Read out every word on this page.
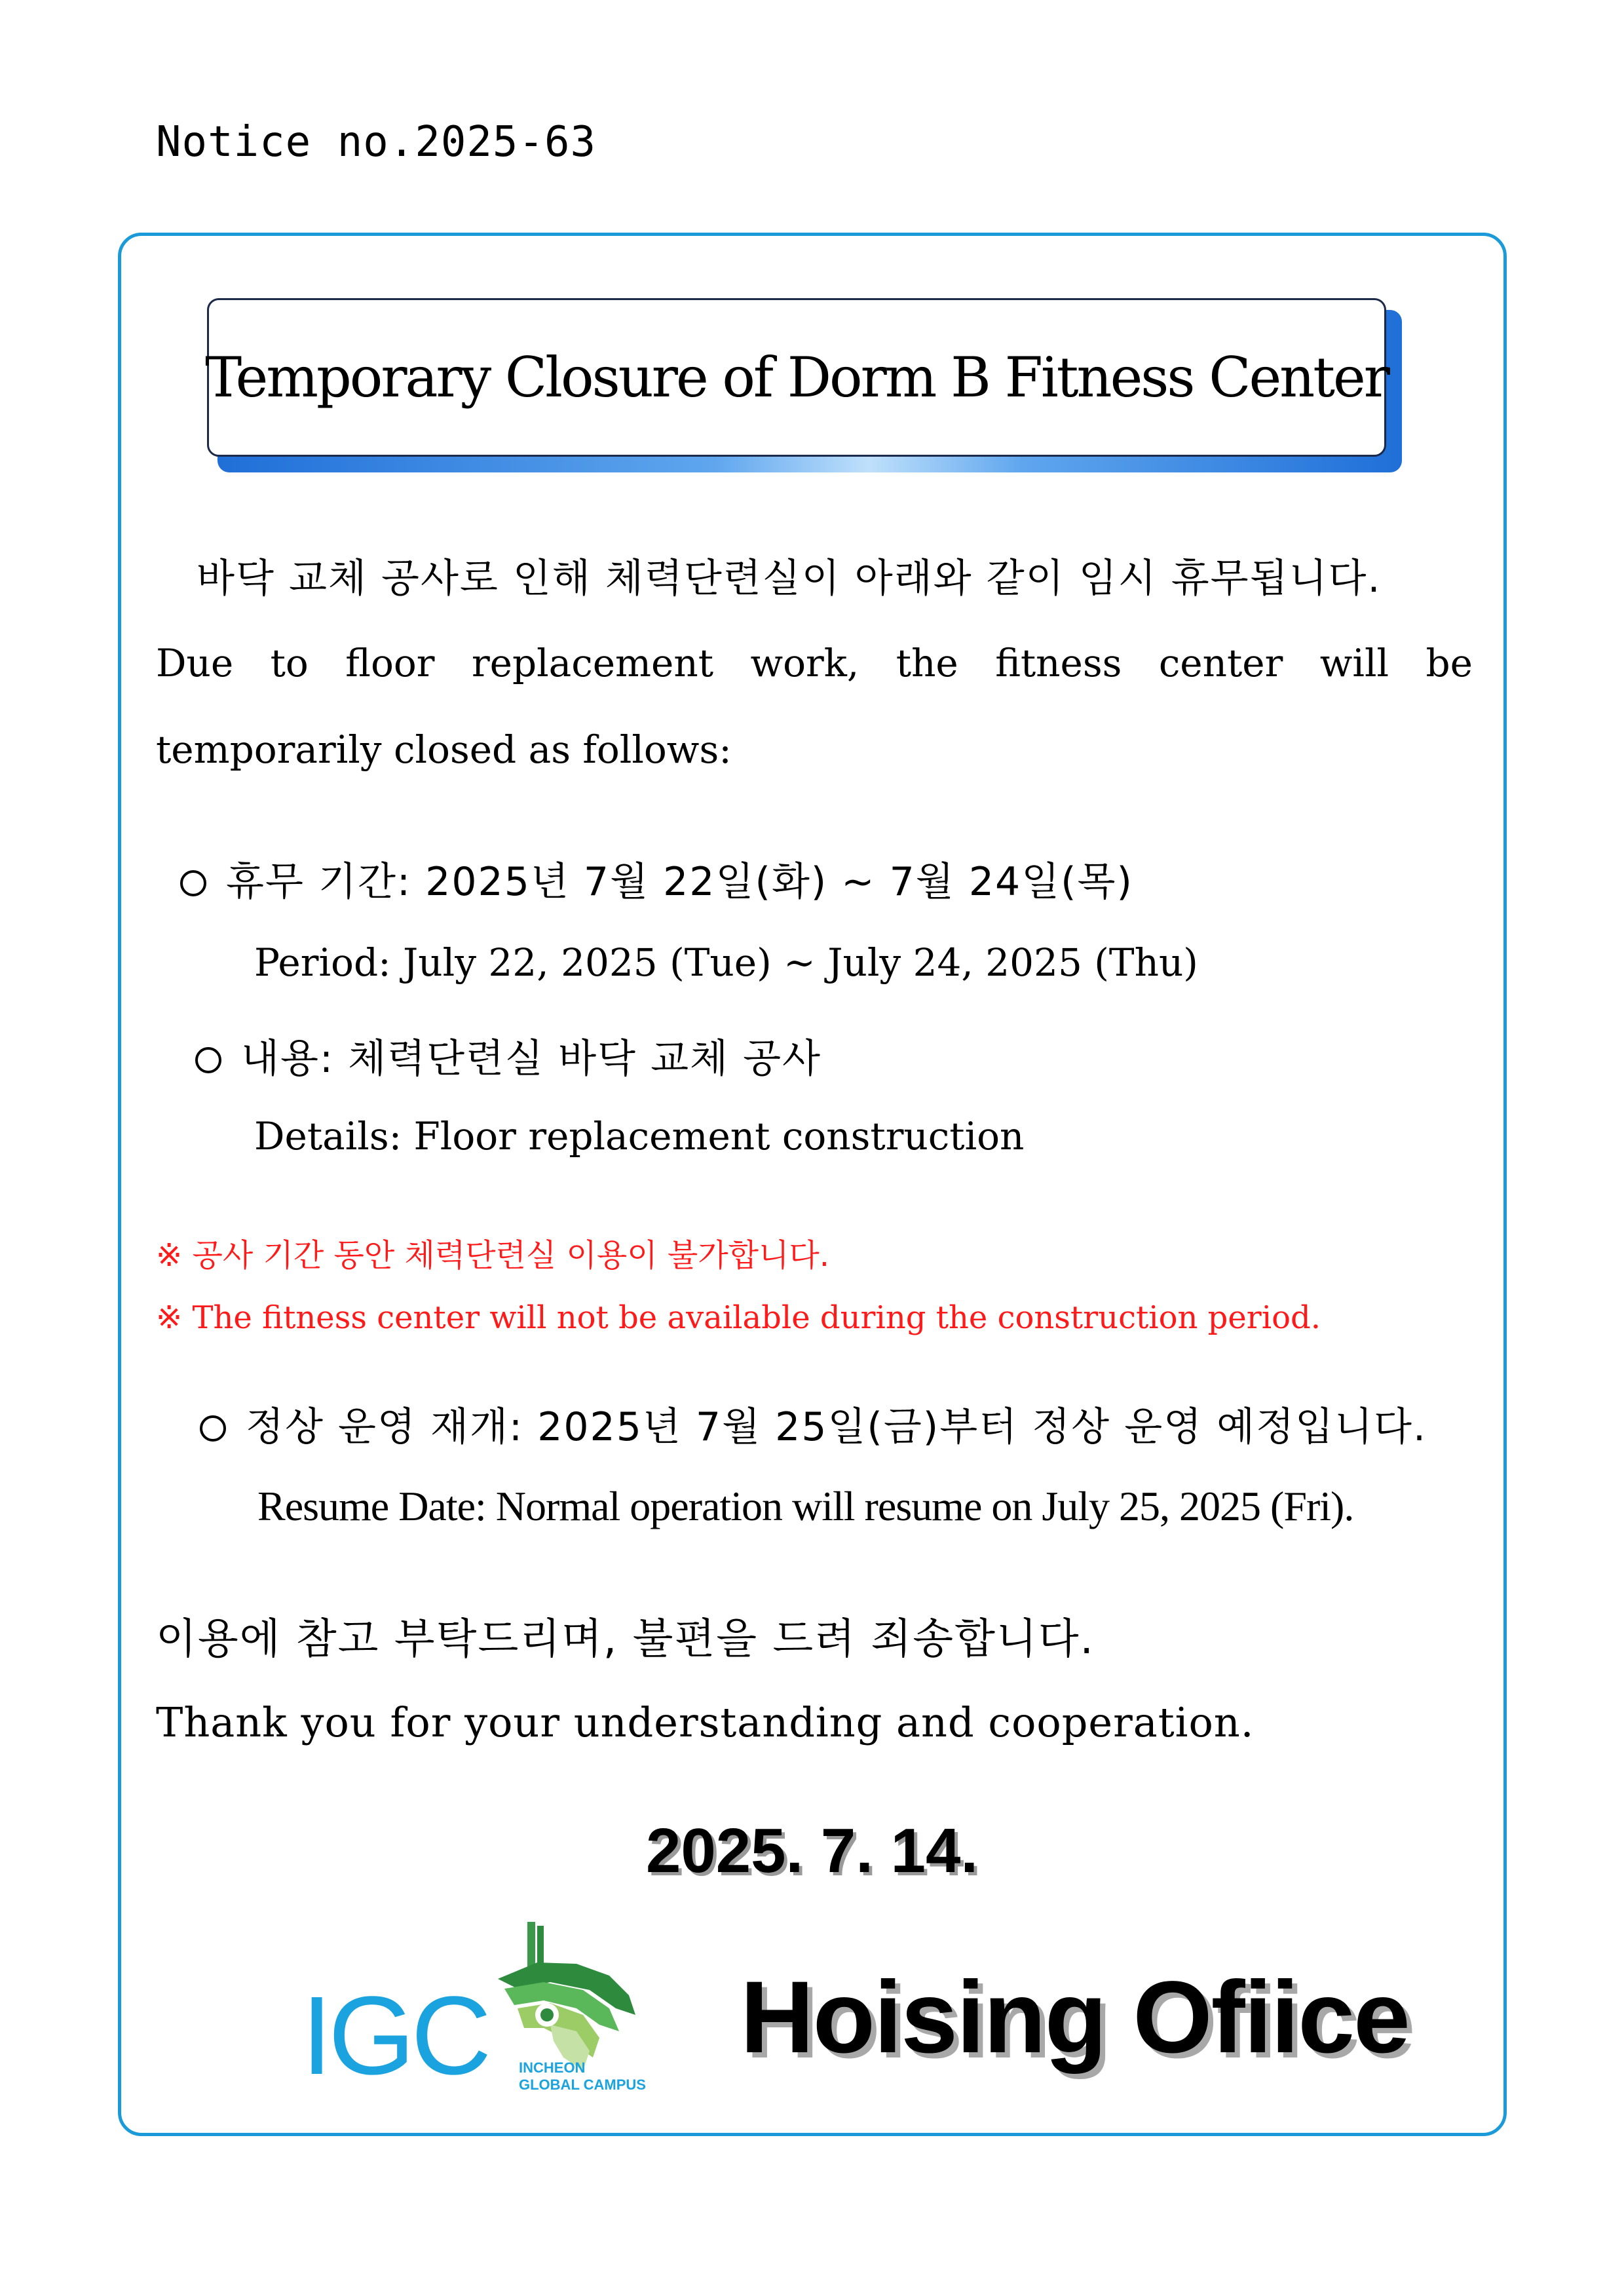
Notice no.2025-63
Temporary Closure of Dorm B Fitness Center
바닥 교체 공사로 인해 체력단련실이 아래와 같이 임시 휴무됩니다.
Due to floor replacement work, the fitness center will be
temporarily closed as follows:
휴무 기간: 2025년 7월 22일(화) ~ 7월 24일(목)
Period: July 22, 2025 (Tue) ~ July 24, 2025 (Thu)
내용: 체력단련실 바닥 교체 공사
Details: Floor replacement construction
※ 공사 기간 동안 체력단련실 이용이 불가합니다.
※ The fitness center will not be available during the construction period.
정상 운영 재개: 2025년 7월 25일(금)부터 정상 운영 예정입니다.
Resume Date: Normal operation will resume on July 25, 2025 (Fri).
이용에 참고 부탁드리며, 불편을 드려 죄송합니다.
Thank you for your understanding and cooperation.
2025. 7. 14.
IGC INCHEON
GLOBAL CAMPUS
Hoising Ofiice
